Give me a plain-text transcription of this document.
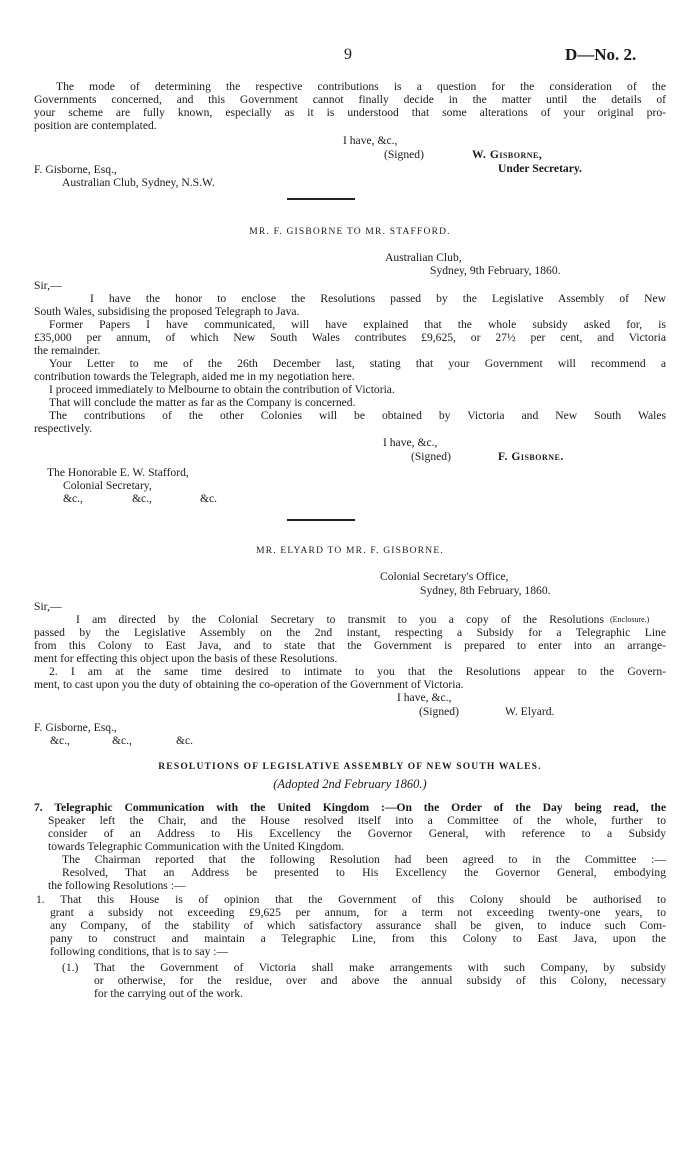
9	D—No. 2.
The mode of determining the respective contributions is a question for the consideration of the
Governments concerned, and this Government cannot finally decide in the matter until the details of
your scheme are fully known, especially as it is understood that some alterations of your original pro-
position are contemplated.
I have, &c.,
(Signed)	W. Gisborne,
Under Secretary.
F. Gisborne, Esq.,
Australian Club, Sydney, N.S.W.
MR. F. GISBORNE TO MR. STAFFORD.
Australian Club,
Sydney, 9th February, 1860.
Sir,—
I have the honor to enclose the Resolutions passed by the Legislative Assembly of New
South Wales, subsidising the proposed Telegraph to Java.
Former Papers I have communicated, will have explained that the whole subsidy asked for, is
£35,000 per annum, of which New South Wales contributes £9,625, or 27½ per cent, and Victoria
the remainder.
Your Letter to me of the 26th December last, stating that your Government will recommend a
contribution towards the Telegraph, aided me in my negotiation here.
I proceed immediately to Melbourne to obtain the contribution of Victoria.
That will conclude the matter as far as the Company is concerned.
The contributions of the other Colonies will be obtained by Victoria and New South Wales
respectively.
I have, &c.,
(Signed)	F. Gisborne.
The Honorable E. W. Stafford,
Colonial Secretary,
&c.,	&c.,	&c.
MR. ELYARD TO MR. F. GISBORNE.
Colonial Secretary's Office,
Sydney, 8th February, 1860.
Sir,—
(Enclosure.)
I am directed by the Colonial Secretary to transmit to you a copy of the Resolutions
passed by the Legislative Assembly on the 2nd instant, respecting a Subsidy for a Telegraphic Line
from this Colony to East Java, and to state that the Government is prepared to enter into an arrange-
ment for effecting this object upon the basis of these Resolutions.
2. I am at the same time desired to intimate to you that the Resolutions appear to the Govern-
ment, to cast upon you the duty of obtaining the co-operation of the Government of Victoria.
I have, &c.,
(Signed)	W. Elyard.
F. Gisborne, Esq.,
&c.,	&c.,	&c.
RESOLUTIONS OF LEGISLATIVE ASSEMBLY OF NEW SOUTH WALES.
(Adopted 2nd February 1860.)
7. Telegraphic Communication with the United Kingdom :—On the Order of the Day being read, the
Speaker left the Chair, and the House resolved itself into a Committee of the whole, further to
consider of an Address to His Excellency the Governor General, with reference to a Subsidy
towards Telegraphic Communication with the United Kingdom.
The Chairman reported that the following Resolution had been agreed to in the Committee :—
Resolved, That an Address be presented to His Excellency the Governor General, embodying
the following Resolutions :—
1. That this House is of opinion that the Government of this Colony should be authorised to
grant a subsidy not exceeding £9,625 per annum, for a term not exceeding twenty-one years, to
any Company, of the stability of which satisfactory assurance shall be given, to induce such Com-
pany to construct and maintain a Telegraphic Line, from this Colony to East Java, upon the
following conditions, that is to say :—
(1.) That the Government of Victoria shall make arrangements with such Company, by subsidy
or otherwise, for the residue, over and above the annual subsidy of this Colony, necessary
for the carrying out of the work.
